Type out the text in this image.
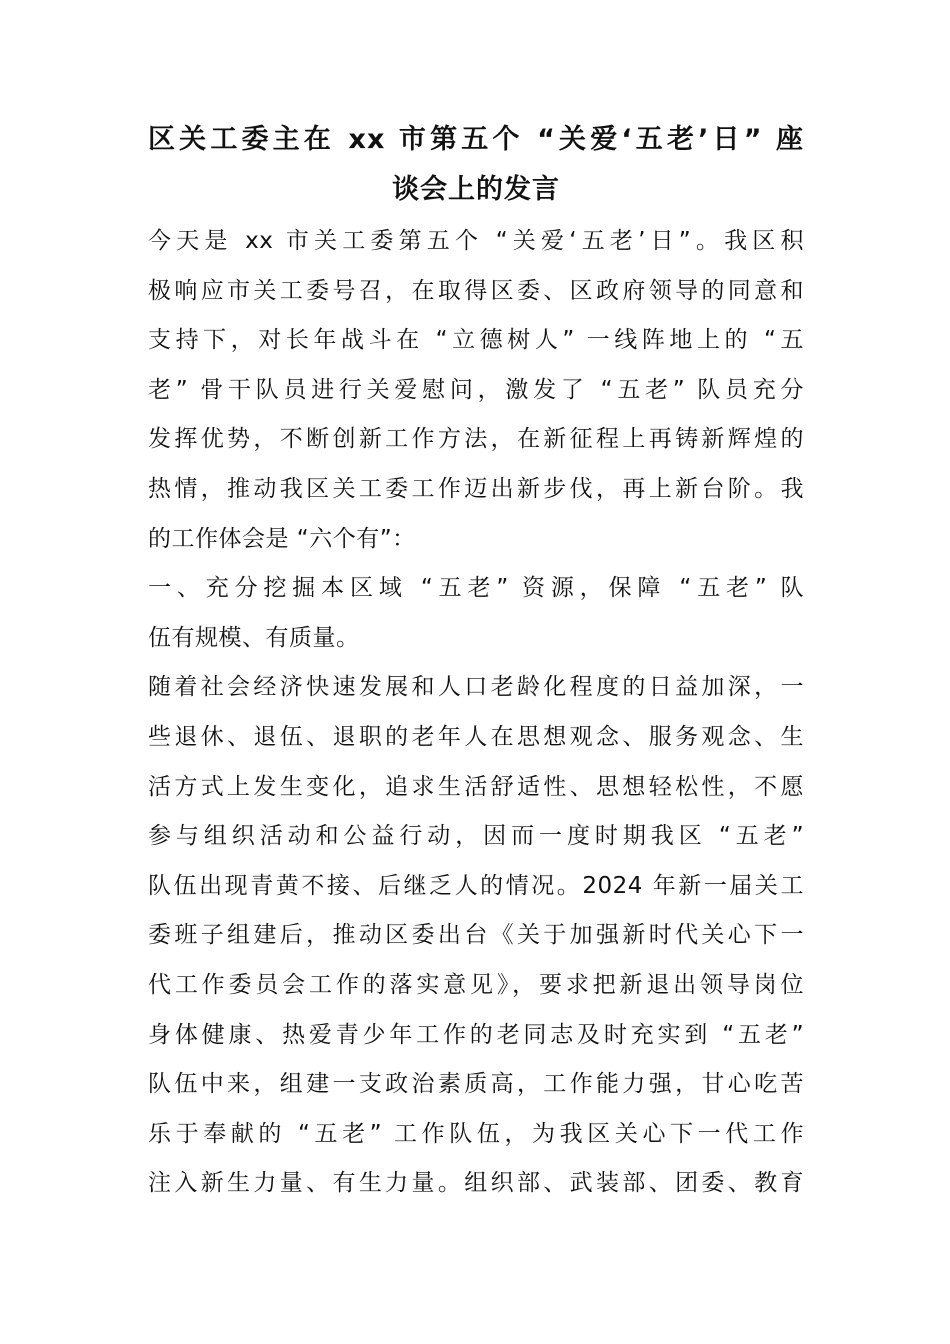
区关工委主在 xx 市第五个 “关爱‘五老’日” 座
谈会上的发言

今天是 xx 市关工委第五个 “关爱‘五老’日”。我区积

极响应市关工委号召，在取得区委、区政府领导的同意和

支持下，对长年战斗在 “立德树人” 一线阵地上的 “五

老” 骨干队员进行关爱慰问，激发了 “五老” 队员充分

发挥优势，不断创新工作方法，在新征程上再铸新辉煌的

热情，推动我区关工委工作迈出新步伐，再上新台阶。我

的工作体会是 “六个有”：

一、充分挖掘本区域 “五老” 资源，保障 “五老” 队

伍有规模、有质量。

随着社会经济快速发展和人口老龄化程度的日益加深，一

些退休、退伍、退职的老年人在思想观念、服务观念、生

活方式上发生变化，追求生活舒适性、思想轻松性，不愿

参与组织活动和公益行动，因而一度时期我区 “五老”

队伍出现青黄不接、后继乏人的情况。2024 年新一届关工

委班子组建后，推动区委出台《关于加强新时代关心下一

代工作委员会工作的落实意见》，要求把新退出领导岗位

身体健康、热爱青少年工作的老同志及时充实到 “五老”

队伍中来，组建一支政治素质高，工作能力强，甘心吃苦

乐于奉献的 “五老” 工作队伍，为我区关心下一代工作

注入新生力量、有生力量。组织部、武装部、团委、教育
